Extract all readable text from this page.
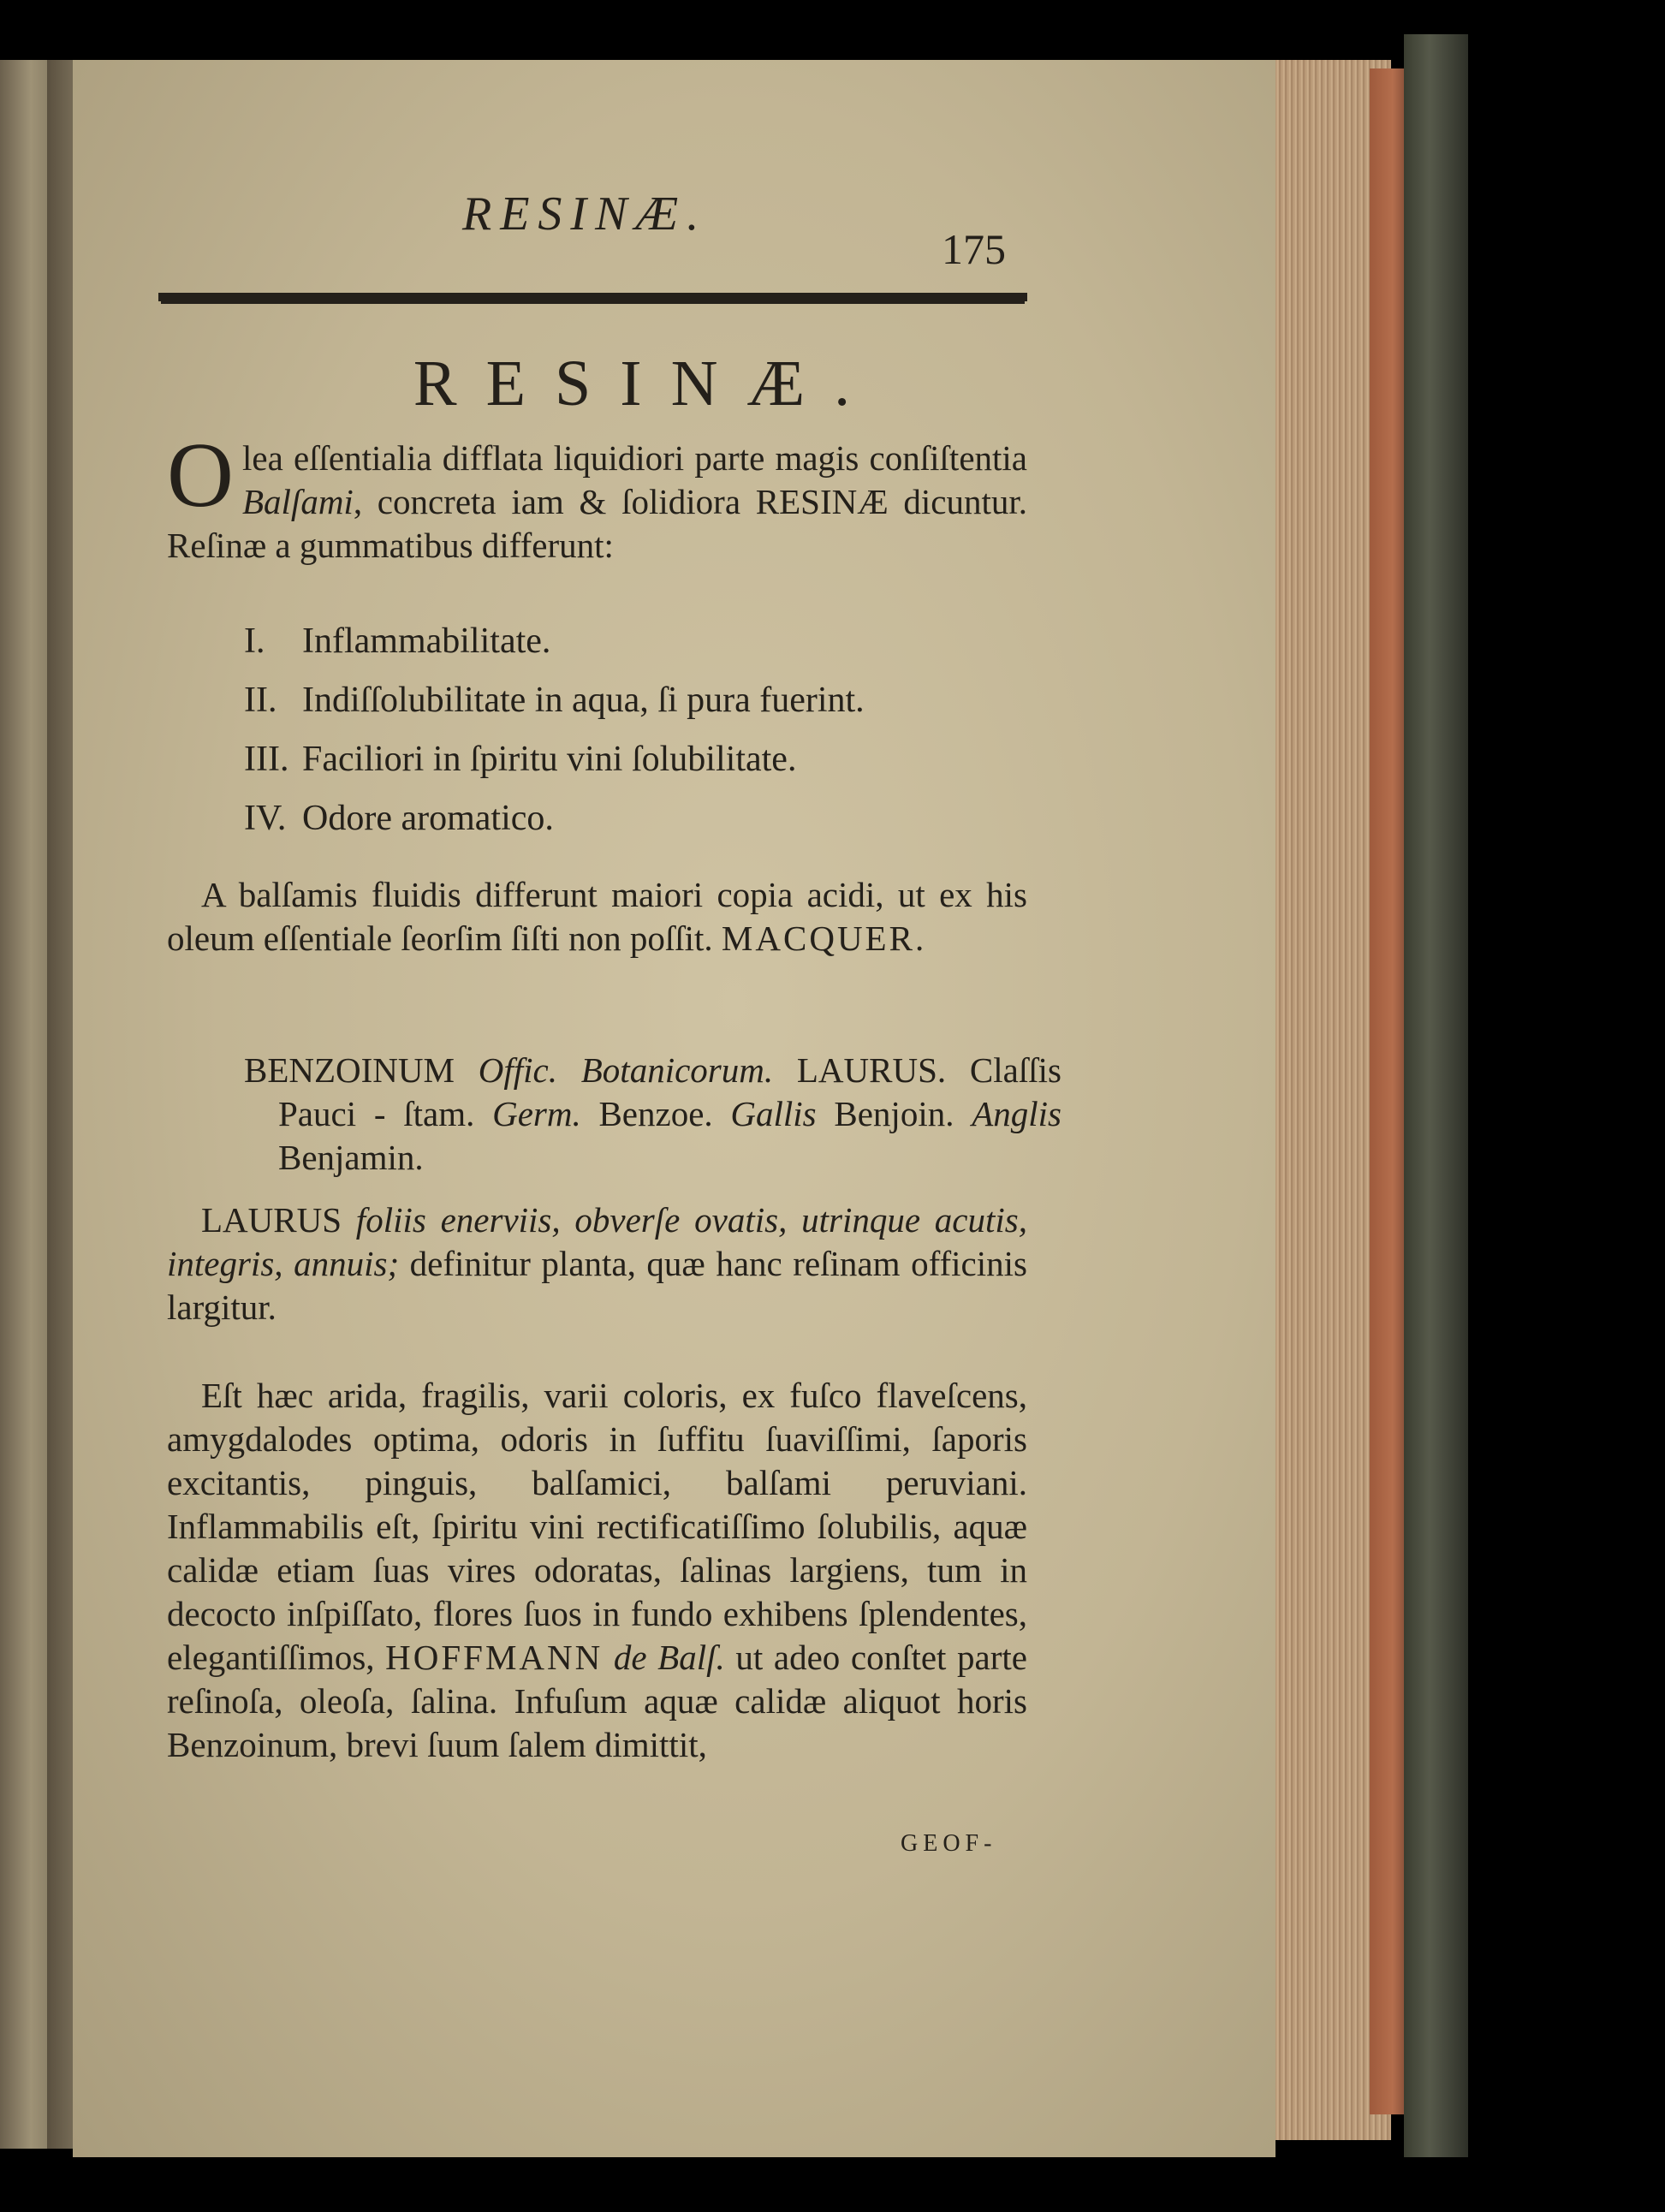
RESINÆ.
175
RESINÆ.
Olea eſſentialia difflata liquidiori parte magis conſiſtentia Balſami, concreta iam & ſolidiora RESINÆ dicuntur. Reſinæ a gummatibus differunt:
I. Inflammabilitate.
II. Indiſſolubilitate in aqua, ſi pura fuerint.
III. Faciliori in ſpiritu vini ſolubilitate.
IV. Odore aromatico.
A balſamis fluidis differunt maiori copia acidi, ut ex his oleum eſſentiale ſeorſim ſiſti non poſſit. MACQUER.
BENZOINUM Offic. Botanicorum. LAURUS. Claſſis Pauci - ſtam. Germ. Benzoe. Gallis Benjoin. Anglis Benjamin.
LAURUS foliis enerviis, obverſe ovatis, utrinque acutis, integris, annuis; definitur planta, quæ hanc reſinam officinis largitur.
Eſt hæc arida, fragilis, varii coloris, ex fuſco flaveſcens, amygdalodes optima, odoris in ſuffitu ſuaviſſimi, ſaporis excitantis, pinguis, balſamici, balſami peruviani. Inflammabilis eſt, ſpiritu vini rectificatiſſimo ſolubilis, aquæ calidæ etiam ſuas vires odoratas, ſalinas largiens, tum in decocto inſpiſſato, flores ſuos in fundo exhibens ſplendentes, elegantiſſimos, HOFFMANN de Balſ. ut adeo conſtet parte reſinoſa, oleoſa, ſalina. Infuſum aquæ calidæ aliquot horis Benzoinum, brevi ſuum ſalem dimittit,
GEOF-
